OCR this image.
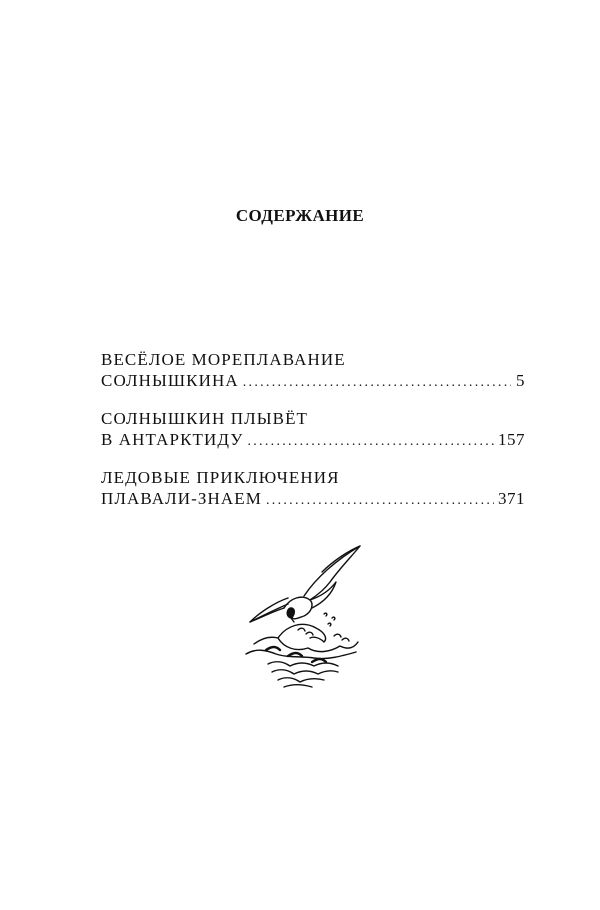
СОДЕРЖАНИЕ
ВЕСЁЛОЕ МОРЕПЛАВАНИЕ
СОЛНЫШКИНА .....	5
СОЛНЫШКИН ПЛЫВЁТ
В АНТАРКТИДУ .....	157
ЛЕДОВЫЕ ПРИКЛЮЧЕНИЯ
ПЛАВАЛИ-ЗНАЕМ .....	371
